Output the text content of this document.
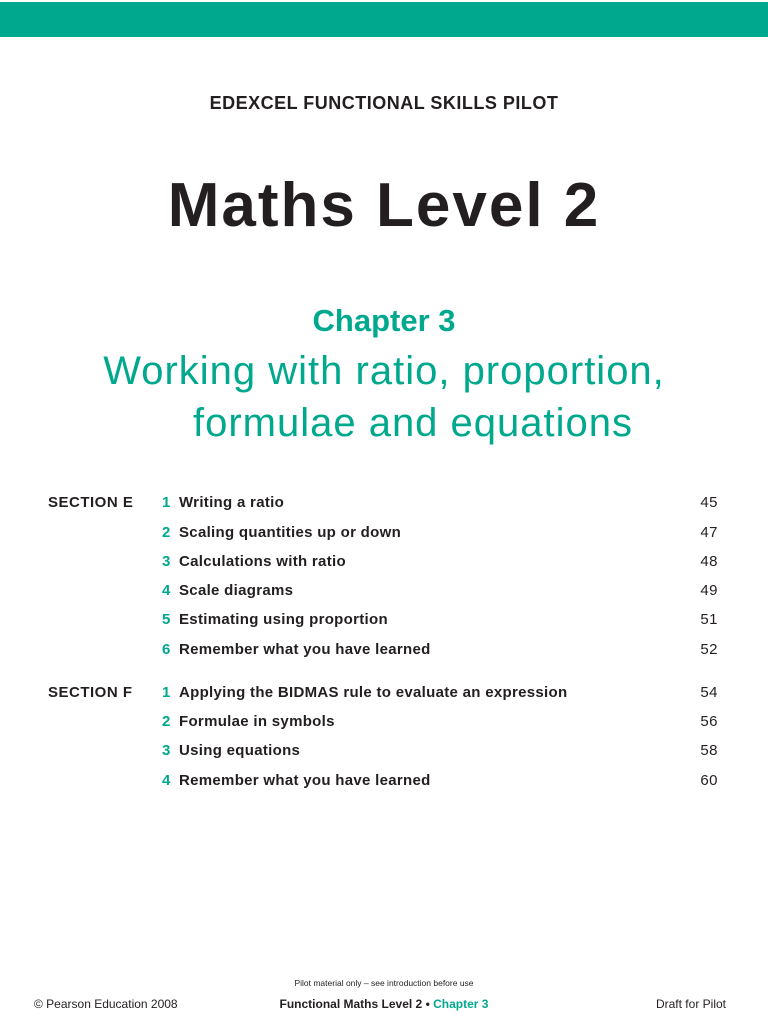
EDEXCEL FUNCTIONAL SKILLS PILOT
Maths Level 2
Chapter 3
Working with ratio, proportion,
formulae and equations
SECTION E 1 Writing a ratio	45
2 Scaling quantities up or down	47
3 Calculations with ratio	48
4 Scale diagrams	49
5 Estimating using proportion	51
6 Remember what you have learned	52
SECTION F 1 Applying the BIDMAS rule to evaluate an expression	54
2 Formulae in symbols	56
3 Using equations	58
4 Remember what you have learned	60
Pilot material only – see introduction before use
© Pearson Education 2008	Functional Maths Level 2 • Chapter 3	Draft for Pilot
